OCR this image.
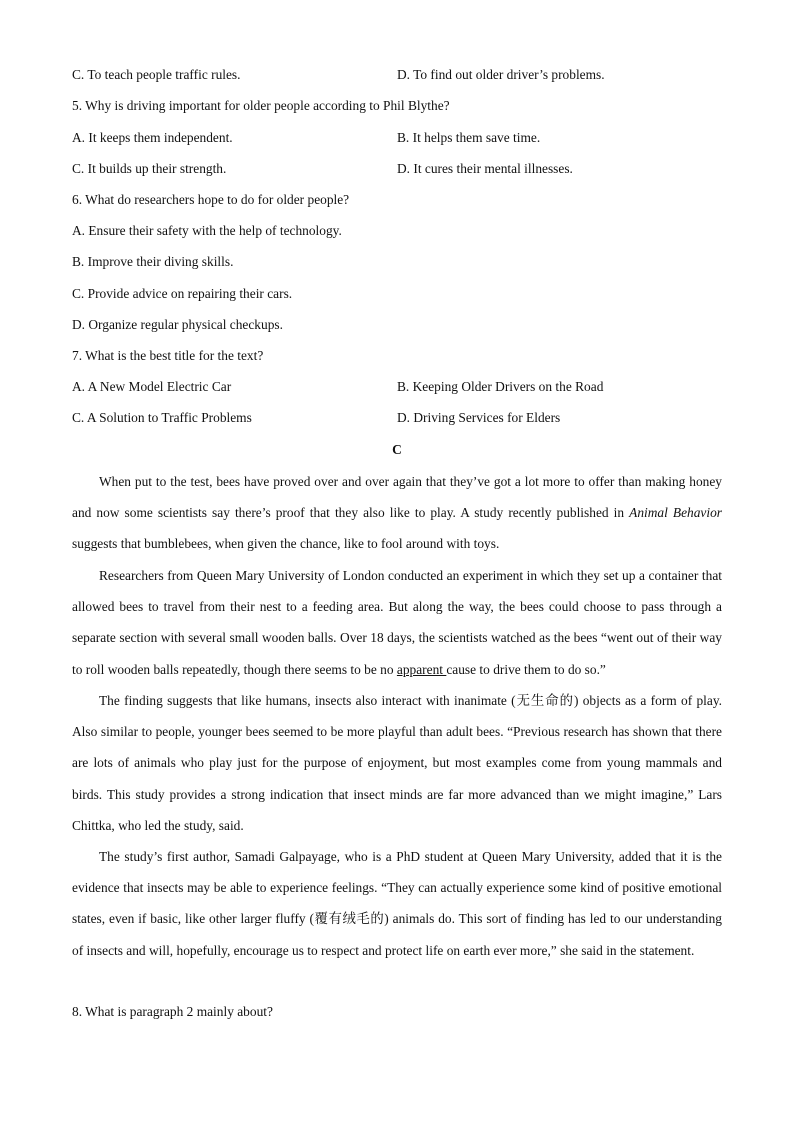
C. To teach people traffic rules.	D. To find out older driver’s problems.
5. Why is driving important for older people according to Phil Blythe?
A. It keeps them independent.	B. It helps them save time.
C. It builds up their strength.	D. It cures their mental illnesses.
6. What do researchers hope to do for older people?
A. Ensure their safety with the help of technology.
B. Improve their diving skills.
C. Provide advice on repairing their cars.
D. Organize regular physical checkups.
7. What is the best title for the text?
A. A New Model Electric Car	B. Keeping Older Drivers on the Road
C. A Solution to Traffic Problems	D. Driving Services for Elders
C
When put to the test, bees have proved over and over again that they’ve got a lot more to offer than making honey and now some scientists say there’s proof that they also like to play. A study recently published in Animal Behavior suggests that bumblebees, when given the chance, like to fool around with toys.
Researchers from Queen Mary University of London conducted an experiment in which they set up a container that allowed bees to travel from their nest to a feeding area. But along the way, the bees could choose to pass through a separate section with several small wooden balls. Over 18 days, the scientists watched as the bees “went out of their way to roll wooden balls repeatedly, though there seems to be no apparent cause to drive them to do so.”
The finding suggests that like humans, insects also interact with inanimate (无生命的) objects as a form of play. Also similar to people, younger bees seemed to be more playful than adult bees. “Previous research has shown that there are lots of animals who play just for the purpose of enjoyment, but most examples come from young mammals and birds. This study provides a strong indication that insect minds are far more advanced than we might imagine,” Lars Chittka, who led the study, said.
The study’s first author, Samadi Galpayage, who is a PhD student at Queen Mary University, added that it is the evidence that insects may be able to experience feelings. “They can actually experience some kind of positive emotional states, even if basic, like other larger fluffy (覆有绒毛的) animals do. This sort of finding has led to our understanding of insects and will, hopefully, encourage us to respect and protect life on earth ever more,” she said in the statement.
8. What is paragraph 2 mainly about?
